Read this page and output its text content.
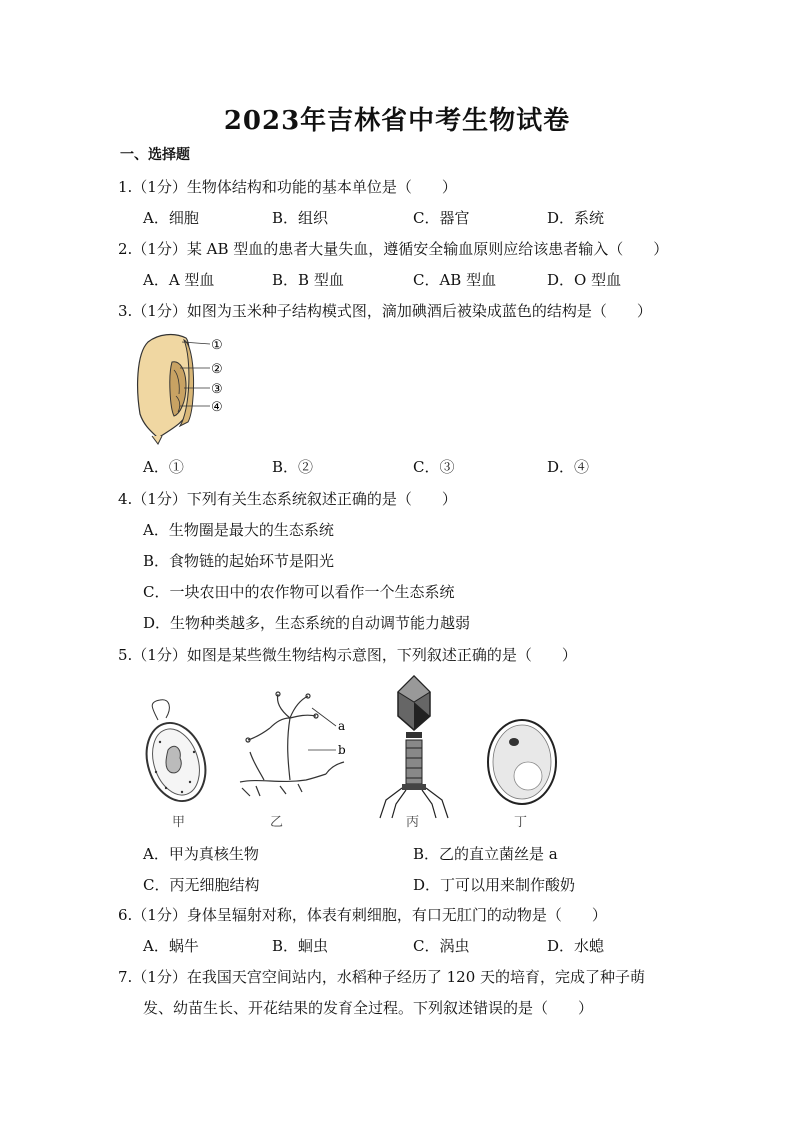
2023年吉林省中考生物试卷
一、选择题
1.（1分）生物体结构和功能的基本单位是（　　）
A．细胞	B．组织	C．器官	D．系统
2.（1分）某 AB 型血的患者大量失血，遵循安全输血原则应给该患者输入（　　）
A．A 型血	B．B 型血	C．AB 型血	D．O 型血
3.（1分）如图为玉米种子结构模式图，滴加碘酒后被染成蓝色的结构是（　　）
①
②
③
④
A．①	B．②	C．③	D．④
4.（1分）下列有关生态系统叙述正确的是（　　）
A．生物圈是最大的生态系统
B．食物链的起始环节是阳光
C．一块农田中的农作物可以看作一个生态系统
D．生物种类越多，生态系统的自动调节能力越弱
5.（1分）如图是某些微生物结构示意图，下列叙述正确的是（　　）
甲
a
b
乙	丙	丁
A．甲为真核生物	B．乙的直立菌丝是 a
C．丙无细胞结构	D．丁可以用来制作酸奶
6.（1分）身体呈辐射对称，体表有刺细胞，有口无肛门的动物是（　　）
A．蜗牛	B．蛔虫	C．涡虫	D．水螅
7.（1分）在我国天宫空间站内，水稻种子经历了 120 天的培育，完成了种子萌
发、幼苗生长、开花结果的发育全过程。下列叙述错误的是（　　）
